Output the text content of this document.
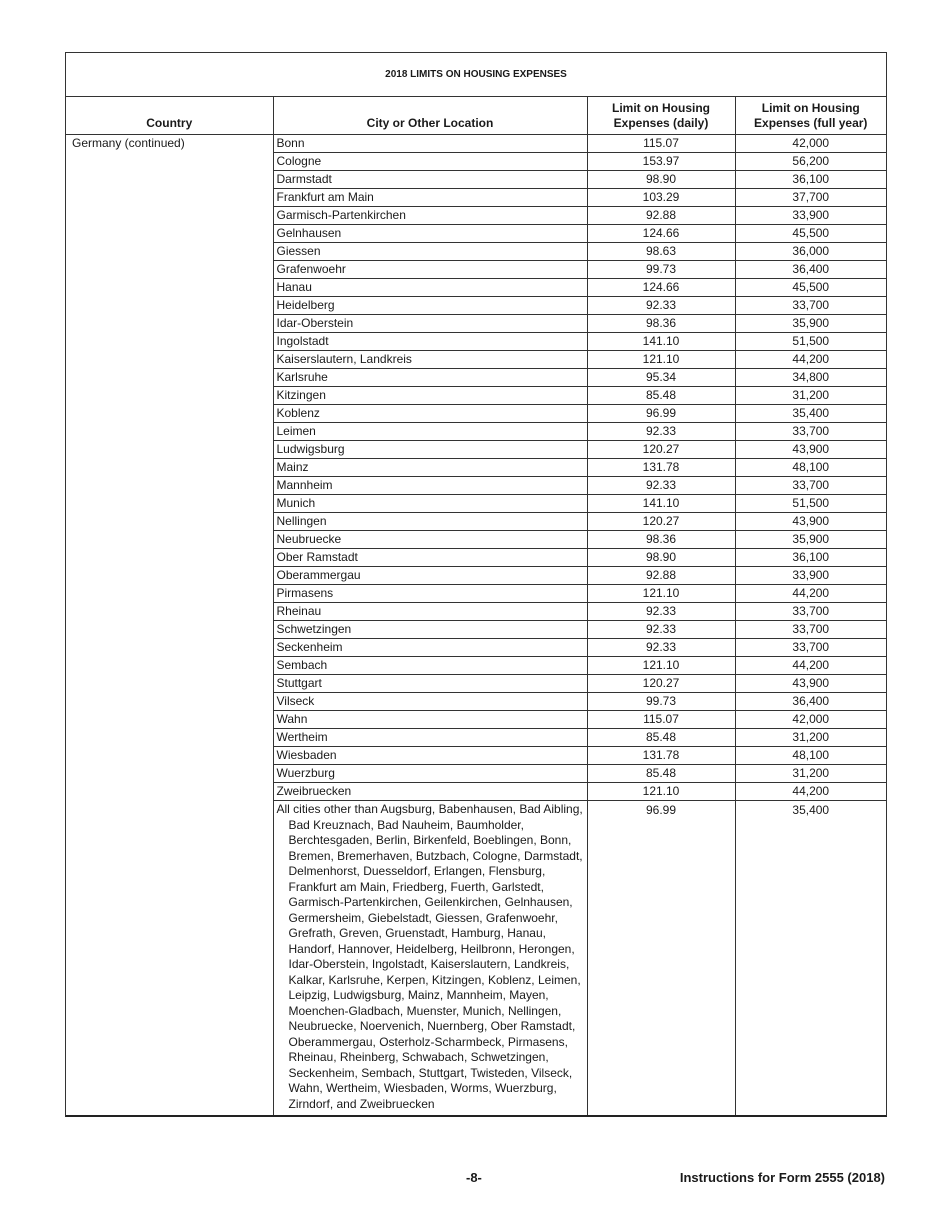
2018 LIMITS ON HOUSING EXPENSES
Country	City or Other Location	Limit on Housing Expenses (daily)	Limit on Housing Expenses (full year)
Germany (continued)	Bonn	115.07	42,000
	Cologne	153.97	56,200
	Darmstadt	98.90	36,100
	Frankfurt am Main	103.29	37,700
	Garmisch-Partenkirchen	92.88	33,900
	Gelnhausen	124.66	45,500
	Giessen	98.63	36,000
	Grafenwoehr	99.73	36,400
	Hanau	124.66	45,500
	Heidelberg	92.33	33,700
	Idar-Oberstein	98.36	35,900
	Ingolstadt	141.10	51,500
	Kaiserslautern, Landkreis	121.10	44,200
	Karlsruhe	95.34	34,800
	Kitzingen	85.48	31,200
	Koblenz	96.99	35,400
	Leimen	92.33	33,700
	Ludwigsburg	120.27	43,900
	Mainz	131.78	48,100
	Mannheim	92.33	33,700
	Munich	141.10	51,500
	Nellingen	120.27	43,900
	Neubruecke	98.36	35,900
	Ober Ramstadt	98.90	36,100
	Oberammergau	92.88	33,900
	Pirmasens	121.10	44,200
	Rheinau	92.33	33,700
	Schwetzingen	92.33	33,700
	Seckenheim	92.33	33,700
	Sembach	121.10	44,200
	Stuttgart	120.27	43,900
	Vilseck	99.73	36,400
	Wahn	115.07	42,000
	Wertheim	85.48	31,200
	Wiesbaden	131.78	48,100
	Wuerzburg	85.48	31,200
	Zweibruecken	121.10	44,200
	All cities other than Augsburg, Babenhausen, Bad Aibling, Bad Kreuznach, Bad Nauheim, Baumholder, Berchtesgaden, Berlin, Birkenfeld, Boeblingen, Bonn, Bremen, Bremerhaven, Butzbach, Cologne, Darmstadt, Delmenhorst, Duesseldorf, Erlangen, Flensburg, Frankfurt am Main, Friedberg, Fuerth, Garlstedt, Garmisch-Partenkirchen, Geilenkirchen, Gelnhausen, Germersheim, Giebelstadt, Giessen, Grafenwoehr, Grefrath, Greven, Gruenstadt, Hamburg, Hanau, Handorf, Hannover, Heidelberg, Heilbronn, Herongen, Idar-Oberstein, Ingolstadt, Kaiserslautern, Landkreis, Kalkar, Karlsruhe, Kerpen, Kitzingen, Koblenz, Leimen, Leipzig, Ludwigsburg, Mainz, Mannheim, Mayen, Moenchen-Gladbach, Muenster, Munich, Nellingen, Neubruecke, Noervenich, Nuernberg, Ober Ramstadt, Oberammergau, Osterholz-Scharmbeck, Pirmasens, Rheinau, Rheinberg, Schwabach, Schwetzingen, Seckenheim, Sembach, Stuttgart, Twisteden, Vilseck, Wahn, Wertheim, Wiesbaden, Worms, Wuerzburg, Zirndorf, and Zweibruecken	96.99	35,400
-8-	Instructions for Form 2555 (2018)
